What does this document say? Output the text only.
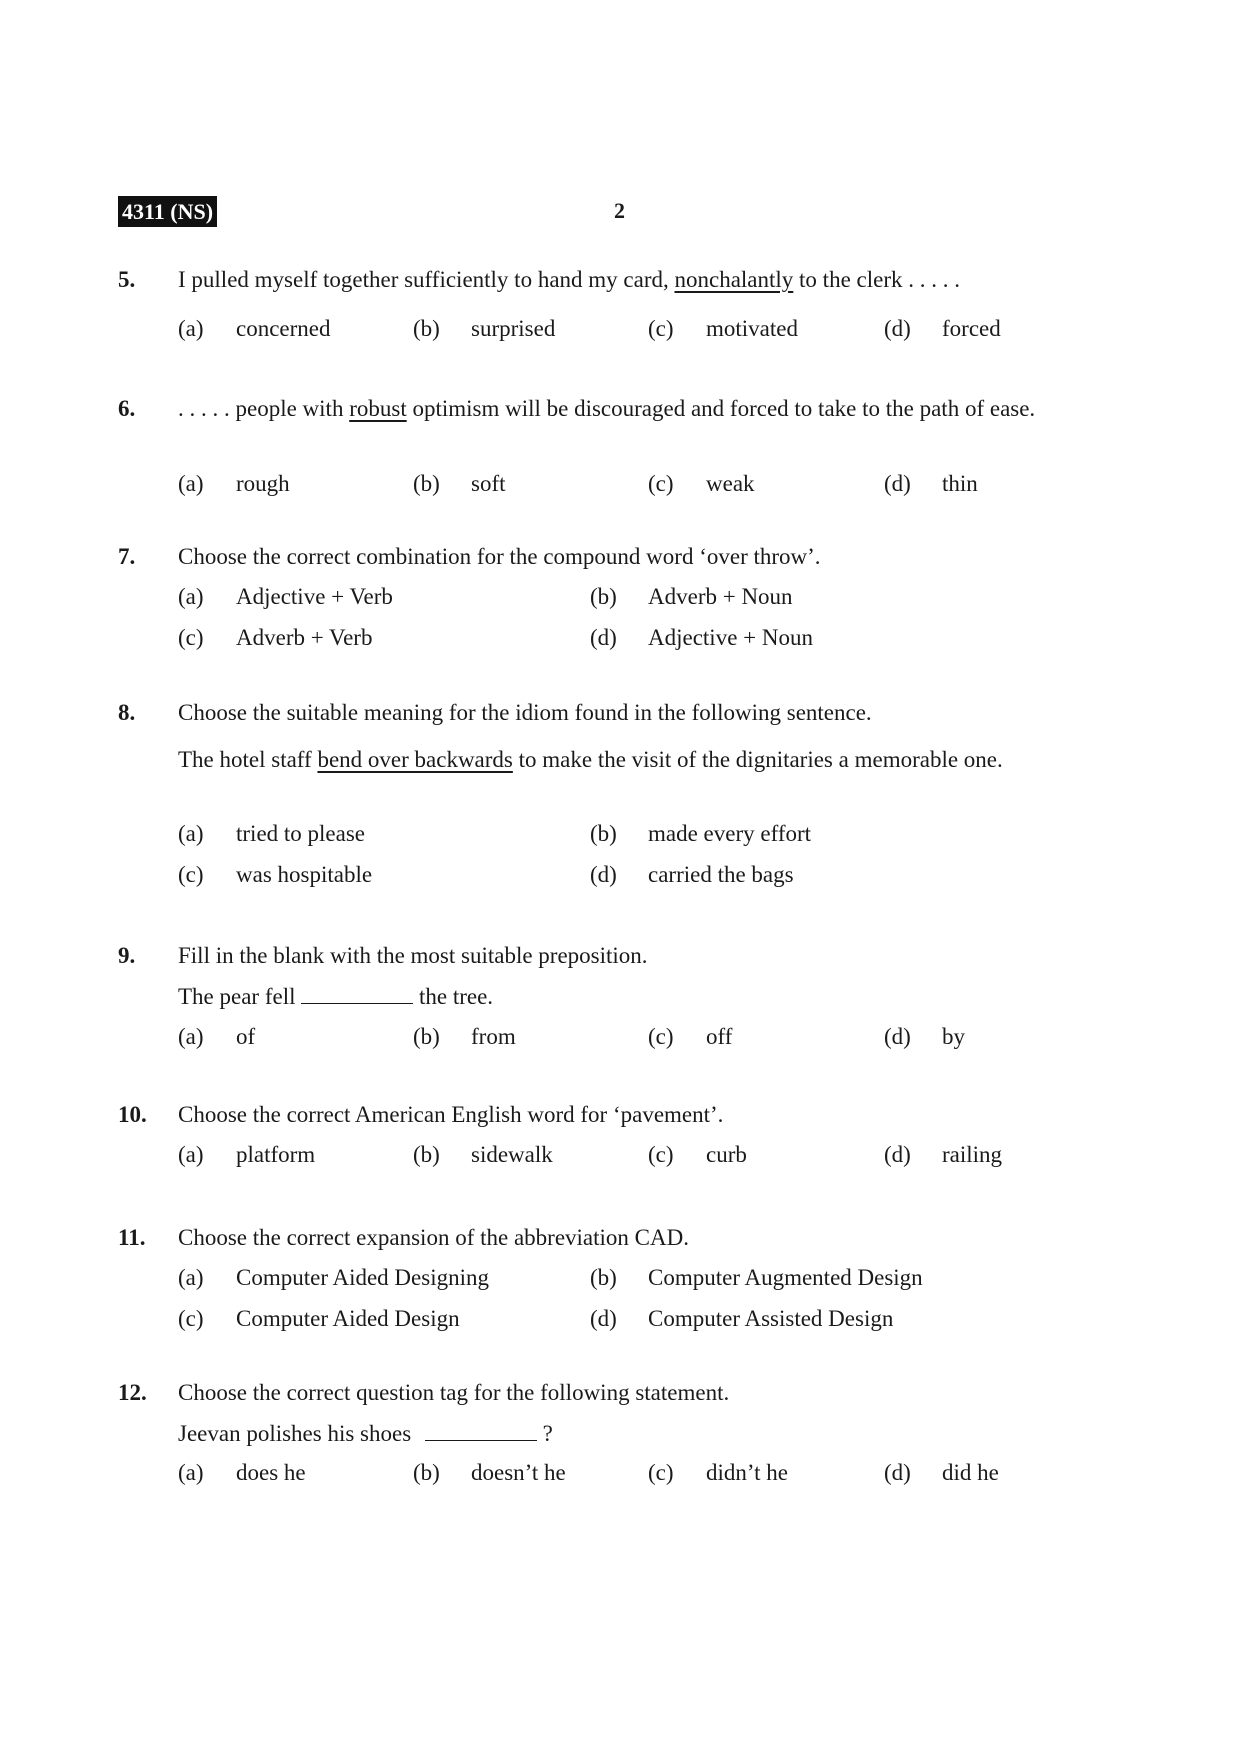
4311 (NS)	2
5. I pulled myself together sufficiently to hand my card, nonchalantly to the clerk . . . . .
(a) concerned	(b) surprised	(c) motivated	(d) forced
6. . . . . . people with robust optimism will be discouraged and forced to take to the path of ease.
(a) rough	(b) soft	(c) weak	(d) thin
7. Choose the correct combination for the compound word ‘over throw’.
(a) Adjective + Verb	(b) Adverb + Noun
(c) Adverb + Verb	(d) Adjective + Noun
8. Choose the suitable meaning for the idiom found in the following sentence.
The hotel staff bend over backwards to make the visit of the dignitaries a memorable one.
(a) tried to please	(b) made every effort
(c) was hospitable	(d) carried the bags
9. Fill in the blank with the most suitable preposition.
The pear fell	the tree.
(a) of	(b) from	(c) off	(d) by
10. Choose the correct American English word for ‘pavement’.
(a) platform	(b) sidewalk	(c) curb	(d) railing
11. Choose the correct expansion of the abbreviation CAD.
(a) Computer Aided Designing	(b) Computer Augmented Design
(c) Computer Aided Design	(d) Computer Assisted Design
12. Choose the correct question tag for the following statement.
Jeevan polishes his shoes	?
(a) does he	(b) doesn’t he	(c) didn’t he	(d) did he
